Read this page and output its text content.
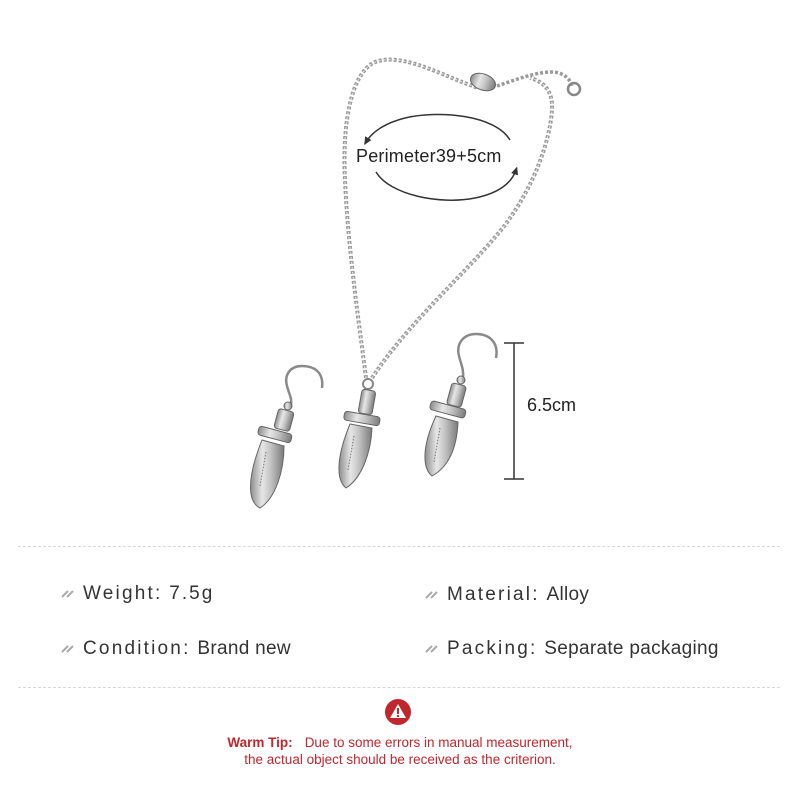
Perimeter39+5cm
6.5cm
Weight : 7.5g	Material : Alloy
Condition : Brand new	Packing : Separate packaging
Warm Tip: Due to some errors in manual measurement,
the actual object should be received as the criterion.
